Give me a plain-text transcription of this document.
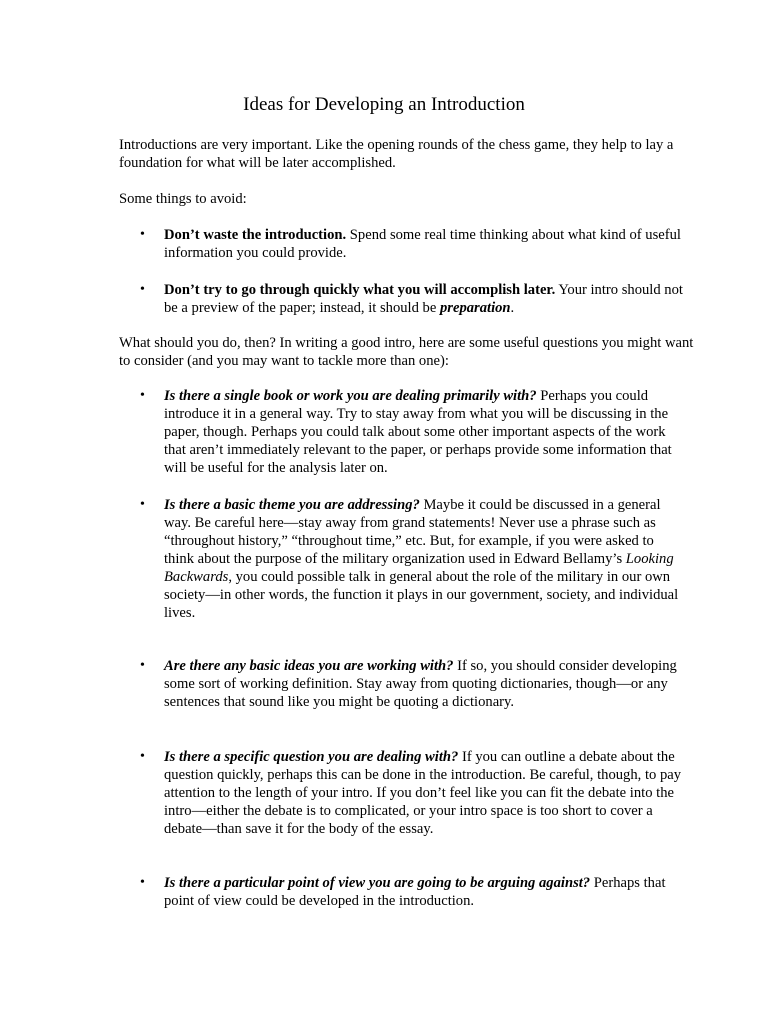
Ideas for Developing an Introduction

Introductions are very important. Like the opening rounds of the chess game, they help to lay a foundation for what will be later accomplished.

Some things to avoid:

• Don’t waste the introduction. Spend some real time thinking about what kind of useful information you could provide.

• Don’t try to go through quickly what you will accomplish later. Your intro should not be a preview of the paper; instead, it should be preparation.

What should you do, then? In writing a good intro, here are some useful questions you might want to consider (and you may want to tackle more than one):

• Is there a single book or work you are dealing primarily with? Perhaps you could introduce it in a general way. Try to stay away from what you will be discussing in the paper, though. Perhaps you could talk about some other important aspects of the work that aren’t immediately relevant to the paper, or perhaps provide some information that will be useful for the analysis later on.

• Is there a basic theme you are addressing? Maybe it could be discussed in a general way. Be careful here—stay away from grand statements! Never use a phrase such as “throughout history,” “throughout time,” etc. But, for example, if you were asked to think about the purpose of the military organization used in Edward Bellamy’s Looking Backwards, you could possible talk in general about the role of the military in our own society—in other words, the function it plays in our government, society, and individual lives.

• Are there any basic ideas you are working with? If so, you should consider developing some sort of working definition. Stay away from quoting dictionaries, though—or any sentences that sound like you might be quoting a dictionary.

• Is there a specific question you are dealing with? If you can outline a debate about the question quickly, perhaps this can be done in the introduction. Be careful, though, to pay attention to the length of your intro. If you don’t feel like you can fit the debate into the intro—either the debate is to complicated, or your intro space is too short to cover a debate—than save it for the body of the essay.

• Is there a particular point of view you are going to be arguing against? Perhaps that point of view could be developed in the introduction.
